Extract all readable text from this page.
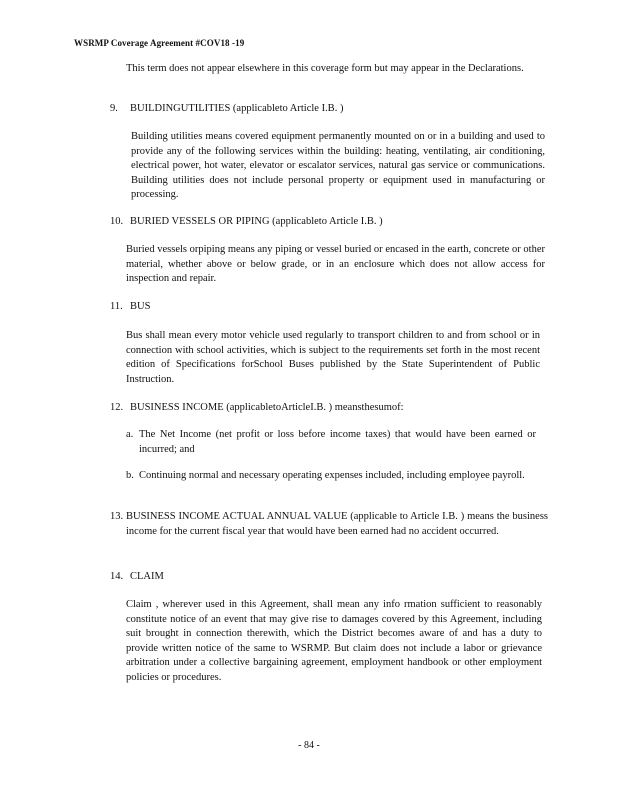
WSRMP Coverage Agreement #COV18 -19
This term does not appear elsewhere in this coverage form but may appear in the Declarations.
9. BUILDINGUTILITIES (applicableto Article I.B. )
Building utilities means covered equipment permanently mounted on or in a building and used to provide any of the following services within the building: heating, ventilating, air conditioning, electrical power, hot water, elevator or escalator services, natural gas service or communications. Building utilities does not include personal property or equipment used in manufacturing or processing.
10. BURIED VESSELS OR PIPING (applicableto Article I.B. )
Buried vessels orpiping means any piping or vessel buried or encased in the earth, concrete or other material, whether above or below grade, or in an enclosure which does not allow access for inspection and repair.
11. BUS
Bus shall mean every motor vehicle used regularly to transport children to and from school or in connection with school activities, which is subject to the requirements set forth in the most recent edition of Specifications forSchool Buses published by the State Superintendent of Public Instruction.
12. BUSINESS INCOME (applicabletoArticleI.B. ) meansthesumof:
a. The Net Income (net profit or loss before income taxes) that would have been earned or incurred; and
b. Continuing normal and necessary operating expenses included, including employee payroll.
13. BUSINESS INCOME ACTUAL ANNUAL VALUE (applicable to Article I.B. ) means the business income for the current fiscal year that would have been earned had no accident occurred.
14. CLAIM
Claim , wherever used in this Agreement, shall mean any info rmation sufficient to reasonably constitute notice of an event that may give rise to damages covered by this Agreement, including suit brought in connection therewith, which the District becomes aware of and has a duty to provide written notice of the same to WSRMP. But claim does not include a labor or grievance arbitration under a collective bargaining agreement, employment handbook or other employment policies or procedures.
- 84 -
